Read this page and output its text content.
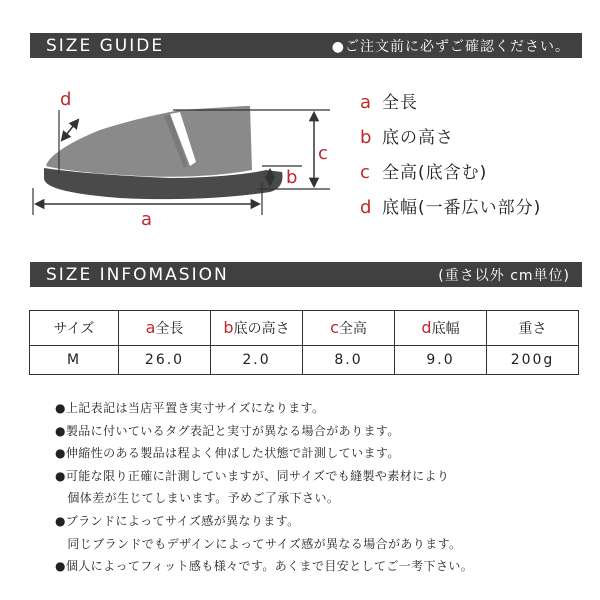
SIZE GUIDE	●ご注文前に必ずご確認ください。
d
a
c
b
a 全長
b 底の高さ
c 全高(底含む)
d 底幅(一番広い部分)
SIZE INFOMASION	(重さ以外 cm単位)
サイズ	a全長	b底の高さ	c全高	d底幅	重さ
M	26.0	2.0	8.0	9.0	200g
●上記表記は当店平置き実寸サイズになります。
●製品に付いているタグ表記と実寸が異なる場合があります。
●伸縮性のある製品は程よく伸ばした状態で計測しています。
●可能な限り正確に計測していますが、同サイズでも縫製や素材により
　個体差が生じてしまいます。予めご了承下さい。
●ブランドによってサイズ感が異なります。
　同じブランドでもデザインによってサイズ感が異なる場合があります。
●個人によってフィット感も様々です。あくまで目安としてご一考下さい。
